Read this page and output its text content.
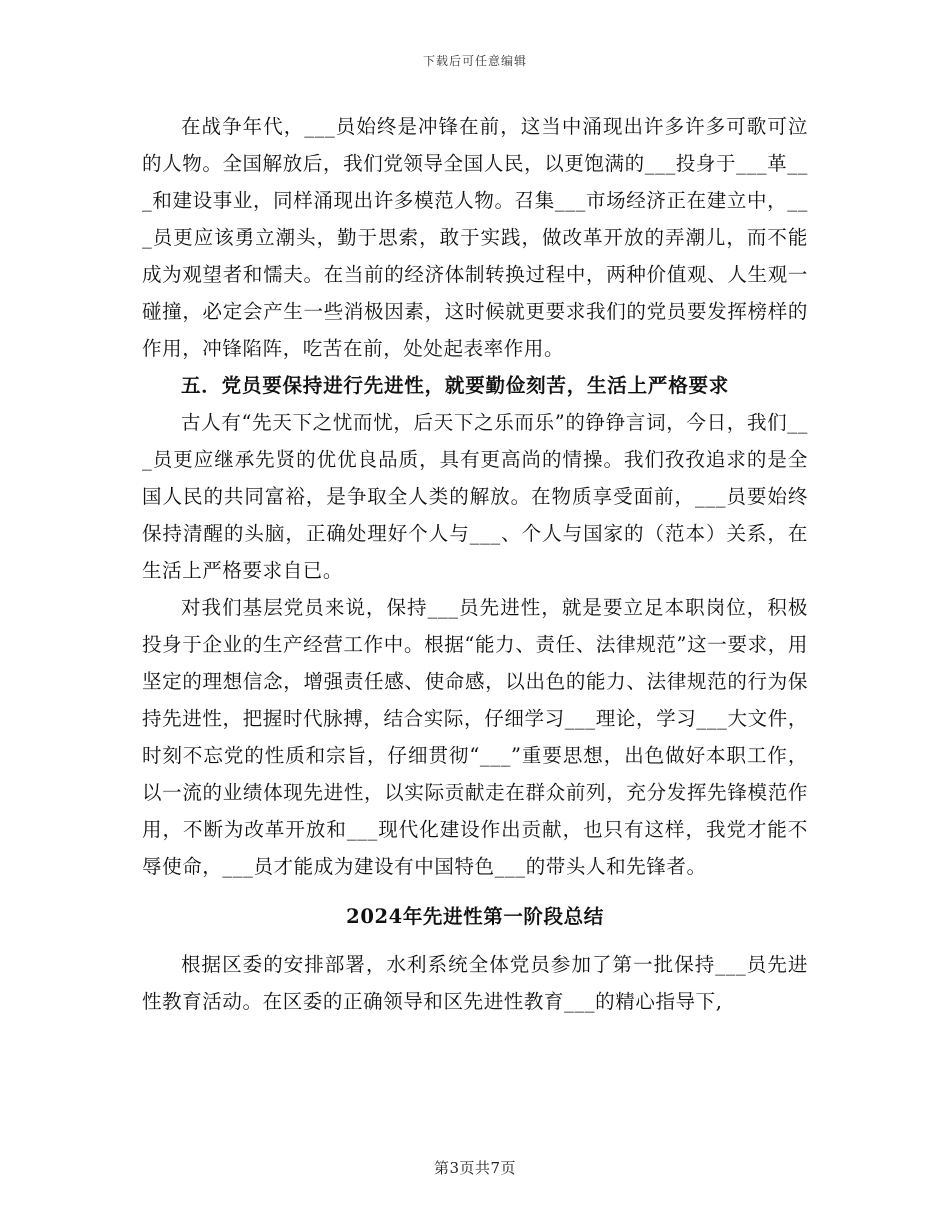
下载后可任意编辑

在战争年代，___员始终是冲锋在前，这当中涌现出许多许多可歌可泣的人物。全国解放后，我们党领导全国人民，以更饱满的___投身于___革___和建设事业，同样涌现出许多模范人物。召集___市场经济正在建立中，___员更应该勇立潮头，勤于思索，敢于实践，做改革开放的弄潮儿，而不能成为观望者和懦夫。在当前的经济体制转换过程中，两种价值观、人生观一碰撞，必定会产生一些消极因素，这时候就更要求我们的党员要发挥榜样的作用，冲锋陷阵，吃苦在前，处处起表率作用。

五．党员要保持进行先进性，就要勤俭刻苦，生活上严格要求

古人有“先天下之忧而忧，后天下之乐而乐”的铮铮言词，今日，我们___员更应继承先贤的优优良品质，具有更高尚的情操。我们孜孜追求的是全国人民的共同富裕，是争取全人类的解放。在物质享受面前，___员要始终保持清醒的头脑，正确处理好个人与___、个人与国家的（范本）关系，在生活上严格要求自已。

对我们基层党员来说，保持___员先进性，就是要立足本职岗位，积极投身于企业的生产经营工作中。根据“能力、责任、法律规范”这一要求，用坚定的理想信念，增强责任感、使命感，以出色的能力、法律规范的行为保持先进性，把握时代脉搏，结合实际，仔细学习___理论，学习___大文件，时刻不忘党的性质和宗旨，仔细贯彻“___”重要思想，出色做好本职工作，以一流的业绩体现先进性，以实际贡献走在群众前列，充分发挥先锋模范作用，不断为改革开放和___现代化建设作出贡献，也只有这样，我党才能不辱使命，___员才能成为建设有中国特色___的带头人和先锋者。

2024年先进性第一阶段总结

根据区委的安排部署，水利系统全体党员参加了第一批保持___员先进性教育活动。在区委的正确领导和区先进性教育___的精心指导下,

第3页共7页
